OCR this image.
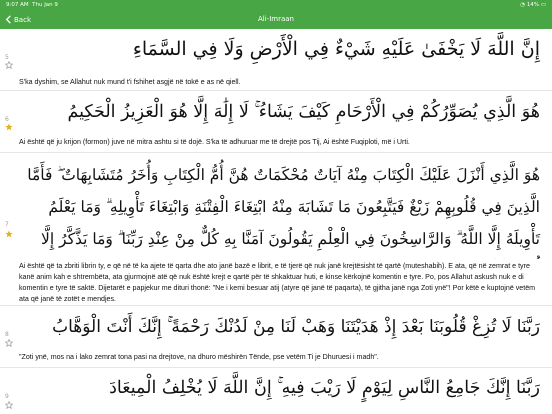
9:07 AM Thu Jan 9	◔ 14% ▭
Back	Ali-Imraan
5	إِنَّ اللَّهَ لَا يَخْفَىٰ عَلَيْهِ شَيْءٌ فِي الْأَرْضِ وَلَا فِي السَّمَاءِ
S'ka dyshim, se Allahut nuk mund t'i fshihet asgjë në tokë e as në qiell.
6	هُوَ الَّذِي يُصَوِّرُكُمْ فِي الْأَرْحَامِ كَيْفَ يَشَاءُ ۚ لَا إِلَٰهَ إِلَّا هُوَ الْعَزِيزُ الْحَكِيمُ
Ai është që ju krijon (formon) juve në mitra ashtu si të dojë. S'ka të adhuruar me të drejtë pos Tij, Ai është Fuqiploti, më i Urti.
7
هُوَ الَّذِي أَنْزَلَ عَلَيْكَ الْكِتَابَ مِنْهُ آيَاتٌ مُحْكَمَاتٌ هُنَّ أُمُّ الْكِتَابِ وَأُخَرُ مُتَشَابِهَاتٌ ۖ فَأَمَّا الَّذِينَ فِي قُلُوبِهِمْ زَيْغٌ فَيَتَّبِعُونَ مَا تَشَابَهَ مِنْهُ ابْتِغَاءَ الْفِتْنَةِ وَابْتِغَاءَ تَأْوِيلِهِ ۗ وَمَا يَعْلَمُ تَأْوِيلَهُ إِلَّا اللَّهُ ۗ وَالرَّاسِخُونَ فِي الْعِلْمِ يَقُولُونَ آمَنَّا بِهِ كُلٌّ مِنْ عِنْدِ رَبِّنَا ۗ وَمَا يَذَّكَّرُ إِلَّا
Ai është që ta zbriti librin ty, e që në të ka ajete të qarta dhe ato janë bazë e librit, e të tjerë që nuk janë krejtësisht të qartë (muteshabih). E ata, që në zemrat e tyre kanë anim kah e shtrembëta, ata gjurmojnë atë që nuk është krejt e qartë për të shkaktuar huti, e kinse kërkojnë komentin e tyre. Po, pos Allahut askush nuk e di komentin e tyre të saktë. Dijetarët e papjekur me dituri thonë: "Ne i kemi besuar atij (atyre që janë të paqarta), të gjitha janë nga Zoti ynë"! Por këtë e kuptojnë vetëm ata që janë të zotët e mendjes.
8	رَبَّنَا لَا تُزِغْ قُلُوبَنَا بَعْدَ إِذْ هَدَيْتَنَا وَهَبْ لَنَا مِنْ لَدُنْكَ رَحْمَةً ۚ إِنَّكَ أَنْتَ الْوَهَّابُ
"Zoti ynë, mos na i lako zemrat tona pasi na drejtove, na dhuro mëshirën Tënde, pse vetëm Ti je Dhuruesi i madh".
9	رَبَّنَا إِنَّكَ جَامِعُ النَّاسِ لِيَوْمٍ لَا رَيْبَ فِيهِ ۚ إِنَّ اللَّهَ لَا يُخْلِفُ الْمِيعَادَ
